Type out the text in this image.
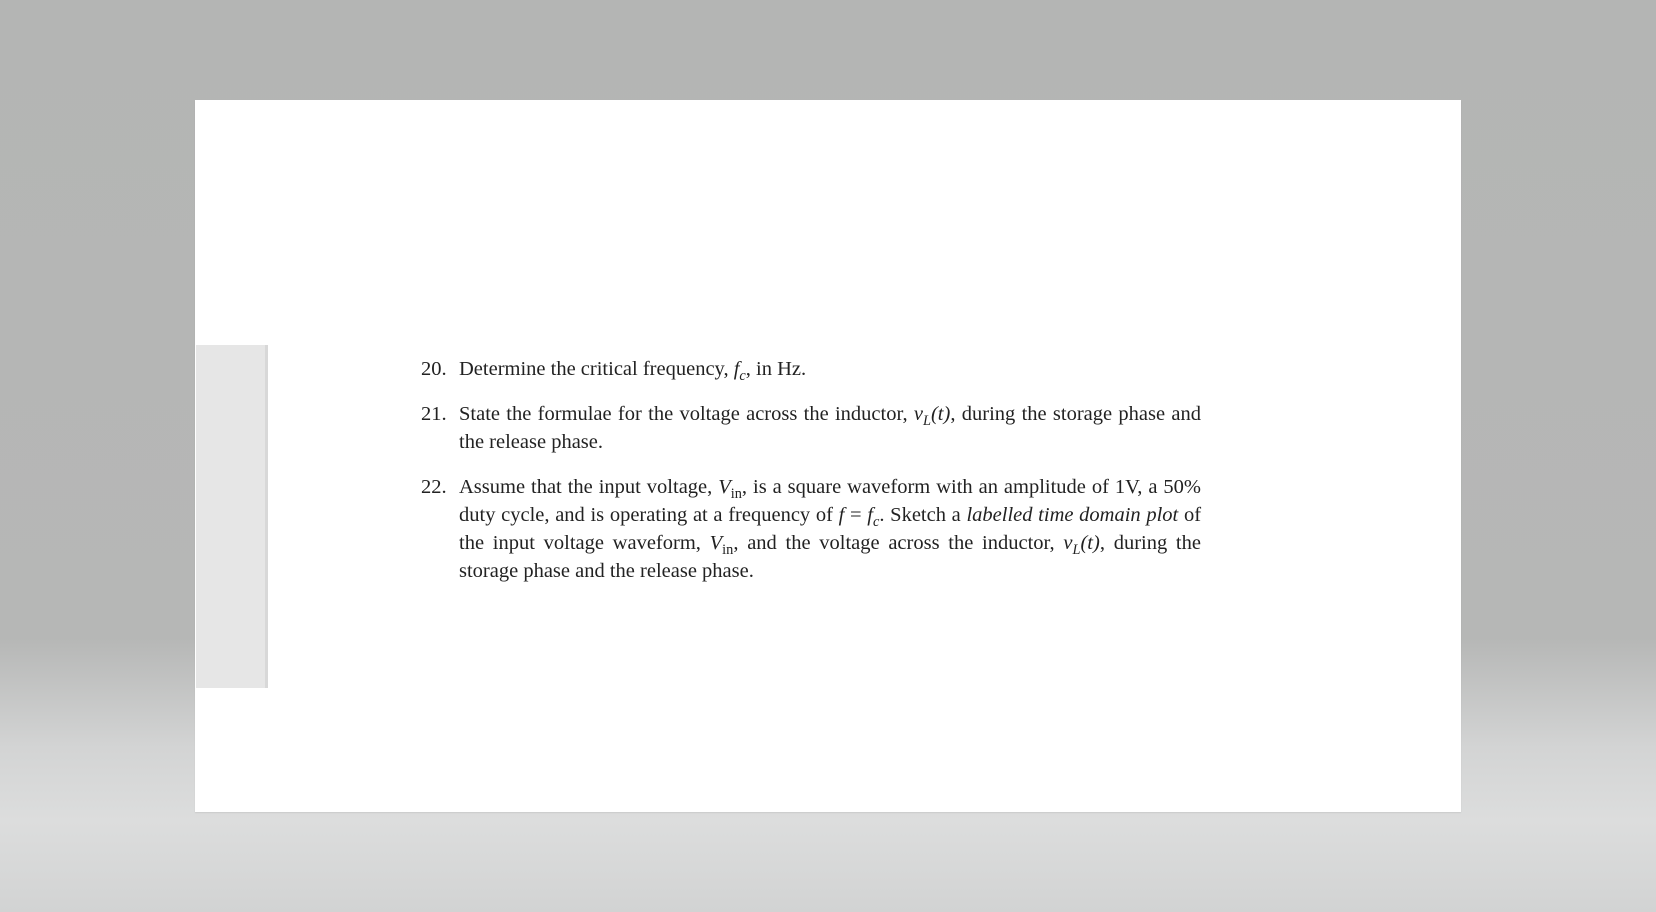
20. Determine the critical frequency, $f_c$, in Hz.
21. State the formulae for the voltage across the inductor, $v_L(t)$, during the storage phase and the release phase.
22. Assume that the input voltage, $V_{in}$, is a square waveform with an amplitude of 1V, a 50% duty cycle, and is operating at a frequency of $f = f_c$. Sketch a labelled time domain plot of the input voltage waveform, $V_{in}$, and the voltage across the inductor, $v_L(t)$, during the storage phase and the release phase.
